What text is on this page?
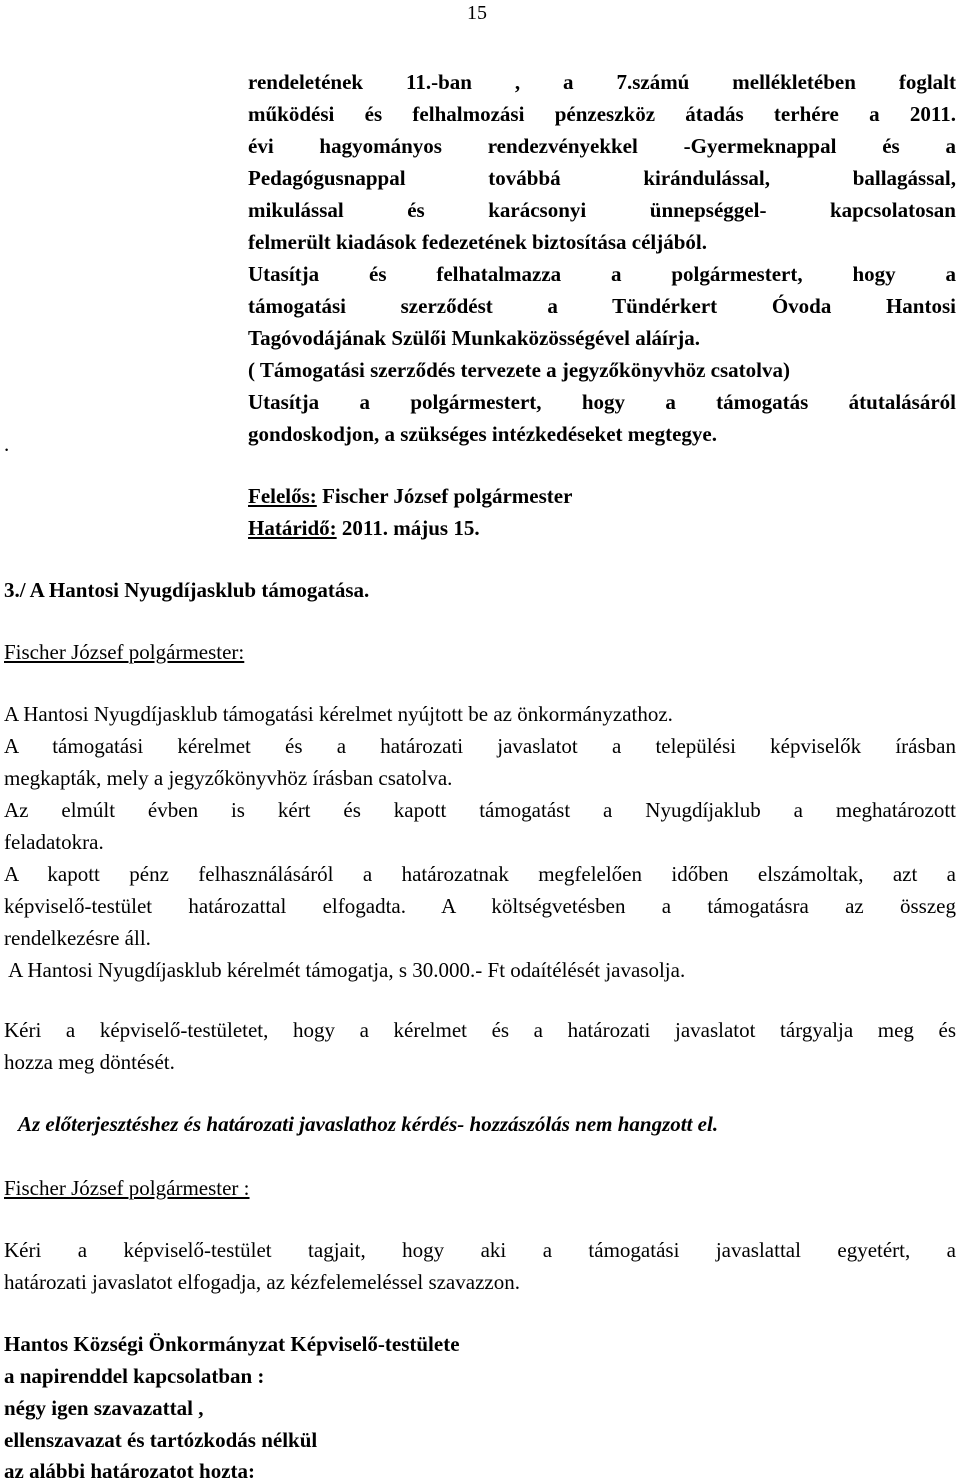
15
rendeletének 11.-ban , a 7.számú mellékletében foglalt
működési és felhalmozási pénzeszköz átadás terhére a 2011.
évi hagyományos rendezvényekkel -Gyermeknappal és a
Pedagógusnappal továbbá kirándulással, ballagással,
mikulással és karácsonyi ünnepséggel- kapcsolatosan
felmerült kiadások fedezetének biztosítása céljából.
Utasítja és felhatalmazza a polgármestert, hogy a
támogatási szerződést a Tündérkert Óvoda Hantosi
Tagóvodájának Szülői Munkaközösségével aláírja.
( Támogatási szerződés tervezete a jegyzőkönyvhöz csatolva)
Utasítja a polgármestert, hogy a támogatás átutalásáról
gondoskodjon, a szükséges intézkedéseket megtegye.
.
Felelős: Fischer József polgármester
Határidő: 2011. május 15.
3./ A Hantosi Nyugdíjasklub támogatása.
Fischer József polgármester:
A Hantosi Nyugdíjasklub támogatási kérelmet nyújtott be az önkormányzathoz.
A támogatási kérelmet és a határozati javaslatot a települési képviselők írásban
megkapták, mely a jegyzőkönyvhöz írásban csatolva.
Az elmúlt évben is kért és kapott támogatást a Nyugdíjaklub a meghatározott
feladatokra.
A kapott pénz felhasználásáról a határozatnak megfelelően időben elszámoltak, azt a
képviselő-testület határozattal elfogadta. A költségvetésben a támogatásra az összeg
rendelkezésre áll.
A Hantosi Nyugdíjasklub kérelmét támogatja, s 30.000.- Ft odaítélését javasolja.
Kéri a képviselő-testületet, hogy a kérelmet és a határozati javaslatot tárgyalja meg és
hozza meg döntését.
Az előterjesztéshez és határozati javaslathoz kérdés- hozzászólás nem hangzott el.
Fischer József polgármester :
Kéri a képviselő-testület tagjait, hogy aki a támogatási javaslattal egyetért, a
határozati javaslatot elfogadja, az kézfelemeléssel szavazzon.
Hantos Községi Önkormányzat Képviselő-testülete
a napirenddel kapcsolatban :
négy igen szavazattal ,
ellenszavazat és tartózkodás nélkül
az alábbi határozatot hozta:
